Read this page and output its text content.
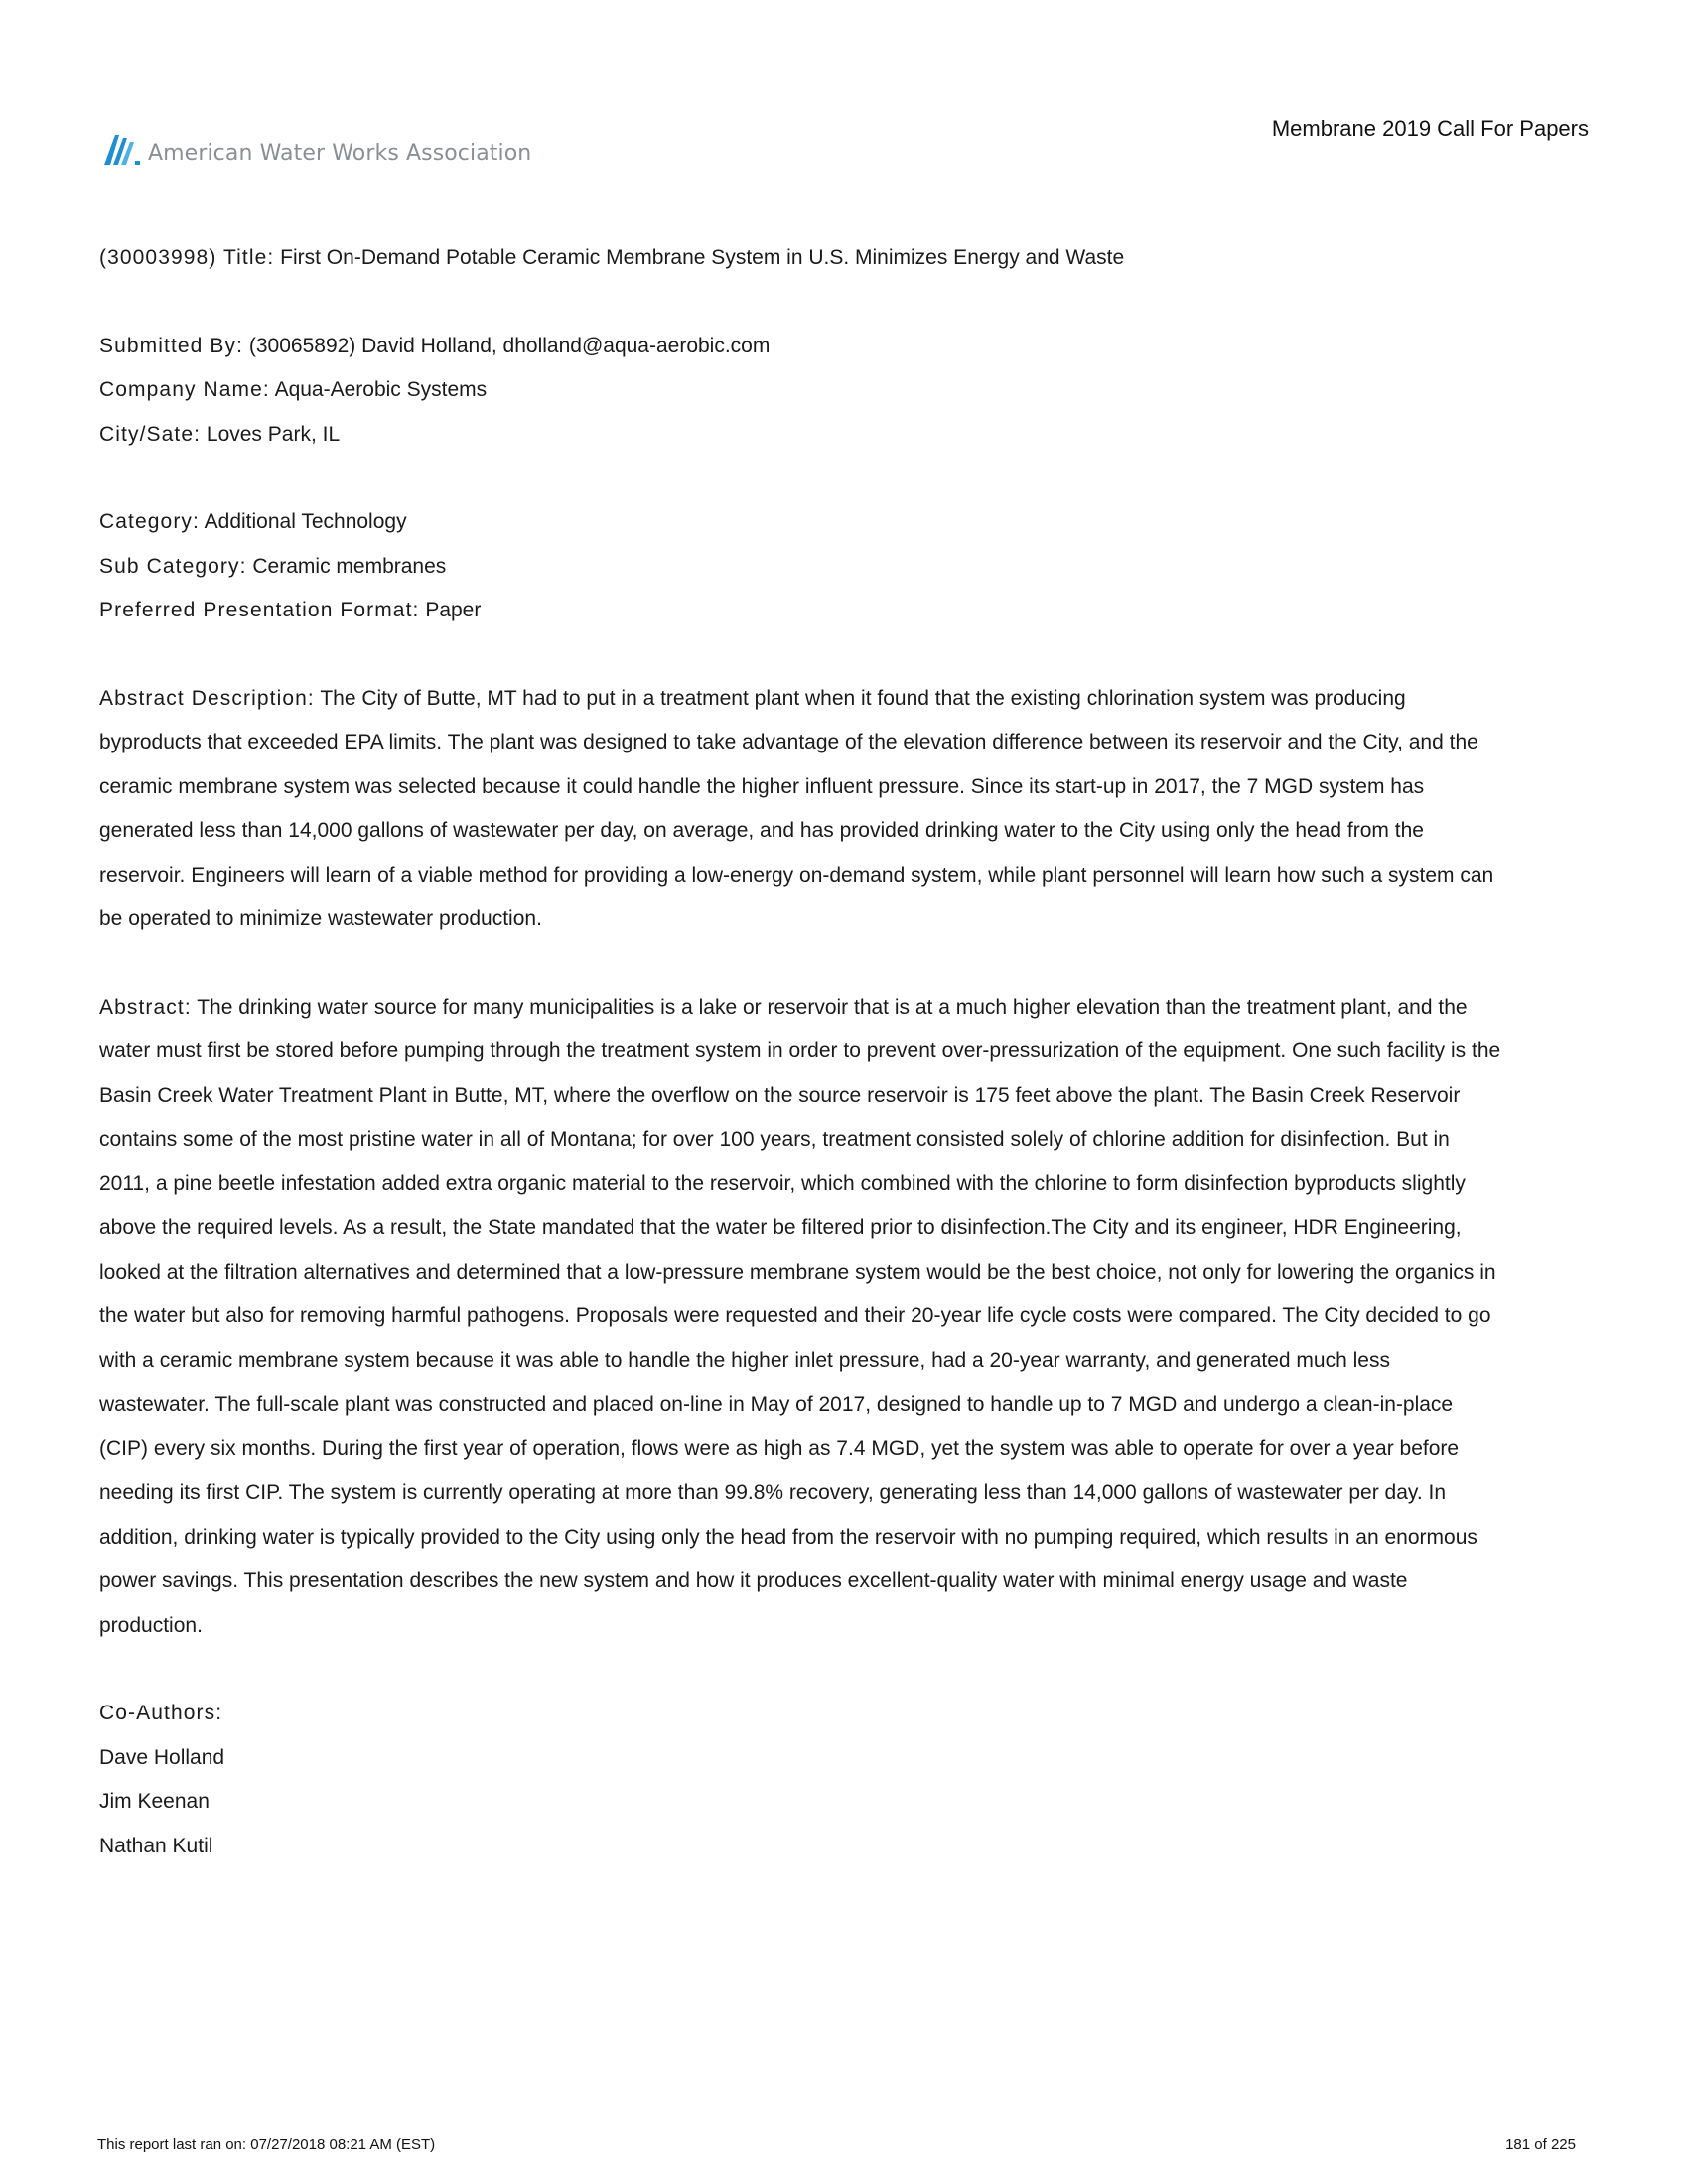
American Water Works Association
Membrane 2019 Call For Papers

(30003998) Title: First On-Demand Potable Ceramic Membrane System in U.S. Minimizes Energy and Waste

Submitted By: (30065892) David Holland, dholland@aqua-aerobic.com

Company Name: Aqua-Aerobic Systems

City/Sate: Loves Park, IL

Category: Additional Technology

Sub Category: Ceramic membranes

Preferred Presentation Format: Paper

Abstract Description: The City of Butte, MT had to put in a treatment plant when it found that the existing chlorination system was producing
byproducts that exceeded EPA limits. The plant was designed to take advantage of the elevation difference between its reservoir and the City, and the
ceramic membrane system was selected because it could handle the higher influent pressure. Since its start-up in 2017, the 7 MGD system has
generated less than 14,000 gallons of wastewater per day, on average, and has provided drinking water to the City using only the head from the
reservoir. Engineers will learn of a viable method for providing a low-energy on-demand system, while plant personnel will learn how such a system can
be operated to minimize wastewater production.
Abstract: The drinking water source for many municipalities is a lake or reservoir that is at a much higher elevation than the treatment plant, and the
water must first be stored before pumping through the treatment system in order to prevent over-pressurization of the equipment. One such facility is the
Basin Creek Water Treatment Plant in Butte, MT, where the overflow on the source reservoir is 175 feet above the plant. The Basin Creek Reservoir
contains some of the most pristine water in all of Montana; for over 100 years, treatment consisted solely of chlorine addition for disinfection. But in
2011, a pine beetle infestation added extra organic material to the reservoir, which combined with the chlorine to form disinfection byproducts slightly
above the required levels. As a result, the State mandated that the water be filtered prior to disinfection.The City and its engineer, HDR Engineering,
looked at the filtration alternatives and determined that a low-pressure membrane system would be the best choice, not only for lowering the organics in
the water but also for removing harmful pathogens. Proposals were requested and their 20-year life cycle costs were compared. The City decided to go
with a ceramic membrane system because it was able to handle the higher inlet pressure, had a 20-year warranty, and generated much less
wastewater. The full-scale plant was constructed and placed on-line in May of 2017, designed to handle up to 7 MGD and undergo a clean-in-place
(CIP) every six months. During the first year of operation, flows were as high as 7.4 MGD, yet the system was able to operate for over a year before
needing its first CIP. The system is currently operating at more than 99.8% recovery, generating less than 14,000 gallons of wastewater per day. In
addition, drinking water is typically provided to the City using only the head from the reservoir with no pumping required, which results in an enormous
power savings. This presentation describes the new system and how it produces excellent-quality water with minimal energy usage and waste
production.
Co-Authors:
Dave Holland
Jim Keenan
Nathan Kutil
This report last ran on: 07/27/2018 08:21 AM (EST)	181 of 225
